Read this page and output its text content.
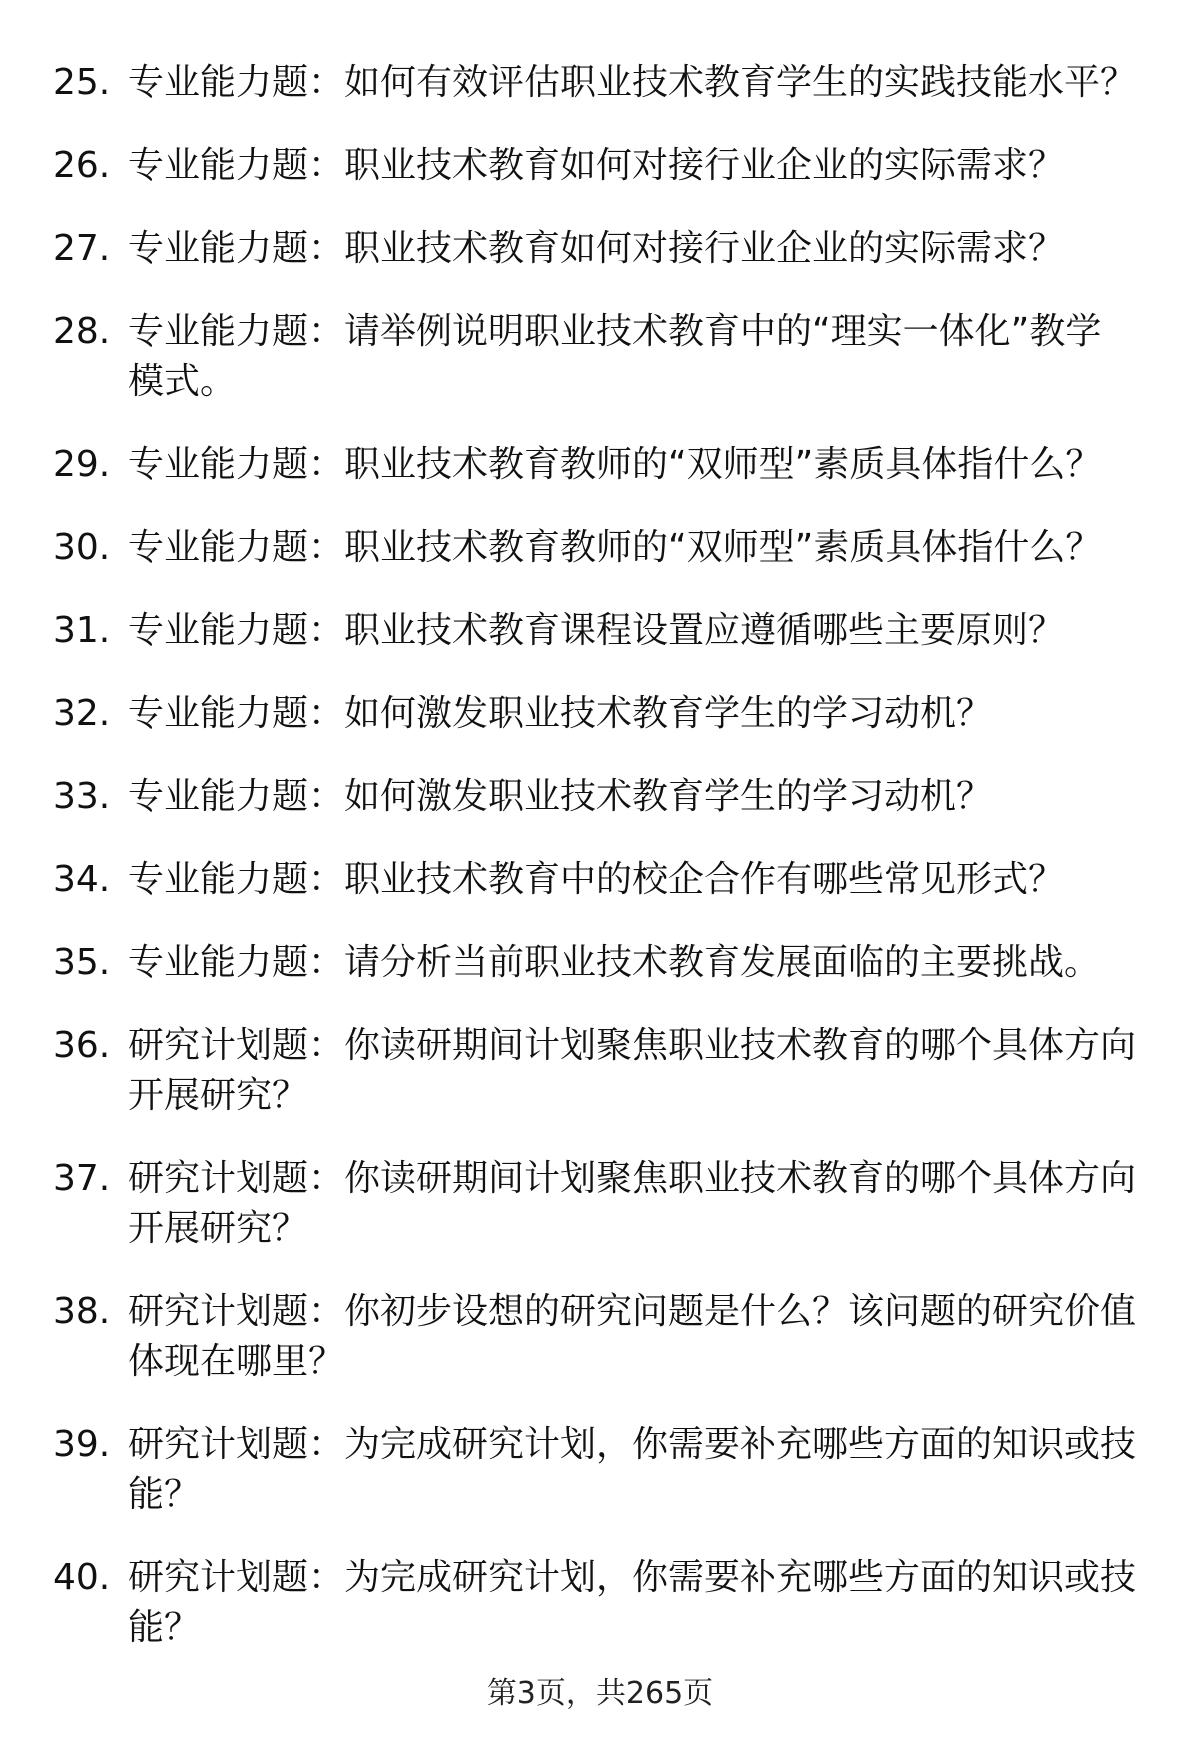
25. 专业能力题：如何有效评估职业技术教育学生的实践技能水平？
26. 专业能力题：职业技术教育如何对接行业企业的实际需求？
27. 专业能力题：职业技术教育如何对接行业企业的实际需求？
28. 专业能力题：请举例说明职业技术教育中的“理实一体化”教学
模式。
29. 专业能力题：职业技术教育教师的“双师型”素质具体指什么？
30. 专业能力题：职业技术教育教师的“双师型”素质具体指什么？
31. 专业能力题：职业技术教育课程设置应遵循哪些主要原则？
32. 专业能力题：如何激发职业技术教育学生的学习动机？
33. 专业能力题：如何激发职业技术教育学生的学习动机？
34. 专业能力题：职业技术教育中的校企合作有哪些常见形式？
35. 专业能力题：请分析当前职业技术教育发展面临的主要挑战。
36. 研究计划题：你读研期间计划聚焦职业技术教育的哪个具体方向
开展研究？
37. 研究计划题：你读研期间计划聚焦职业技术教育的哪个具体方向
开展研究？
38. 研究计划题：你初步设想的研究问题是什么？该问题的研究价值
体现在哪里？
39. 研究计划题：为完成研究计划，你需要补充哪些方面的知识或技
能？
40. 研究计划题：为完成研究计划，你需要补充哪些方面的知识或技
能？
第3页，共265页
